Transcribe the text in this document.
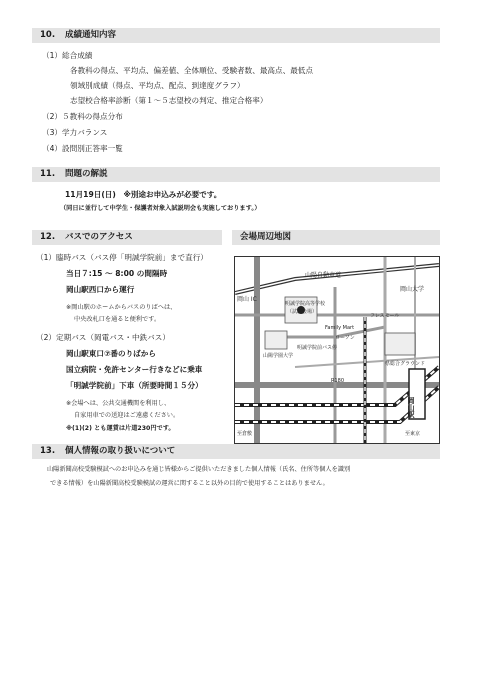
10. 成績通知内容
（1）総合成績
各教科の得点、平均点、偏差値、全体順位、受験者数、最高点、最低点
領域別成績（得点、平均点、配点、到達度グラフ）
志望校合格率診断（第１～５志望校の判定、推定合格率）
（2）５教科の得点分布
（3）学力バランス
（4）設問別正答率一覧
11. 問題の解説
11月19日(日)　※別途お申込みが必要です。
（同日に並行して中学生・保護者対象入試説明会も実施しております。）
12. バスでのアクセス	会場周辺地図
（1）臨時バス（バス停「明誠学院前」まで直行）
当日７:15 ～ 8:00 の間隔時
岡山駅西口から運行
※岡山駅のホームからバスのりばへは、
中央改札口を通ると便利です。
（2）定期バス（岡電バス・中鉄バス）
岡山駅東口⑦番のりばから
国立病院・免許センター行きなどに乗車
「明誠学院前」下車（所要時間１５分）
※会場へは、公共交通機関を利用し、
自家用車での送迎はご遠慮ください。
※(1)(2) とも運賃は片道230円です。
山陽自動車道
岡山 IC
明誠学院高等学校
（試験会場）
岡山大学
Family Mart
ローソン
明誠学院前バス停
山陽学園大学
県総合グラウンド
フレスモール
R180
岡山駅
至倉敷	至東京
13. 個人情報の取り扱いについて
山陽新聞高校受験模試へのお申込みを通じ皆様からご提供いただきました個人情報（氏名、住所等個人を識別
できる情報）を山陽新聞高校受験模試の運営に関すること以外の目的で使用することはありません。
